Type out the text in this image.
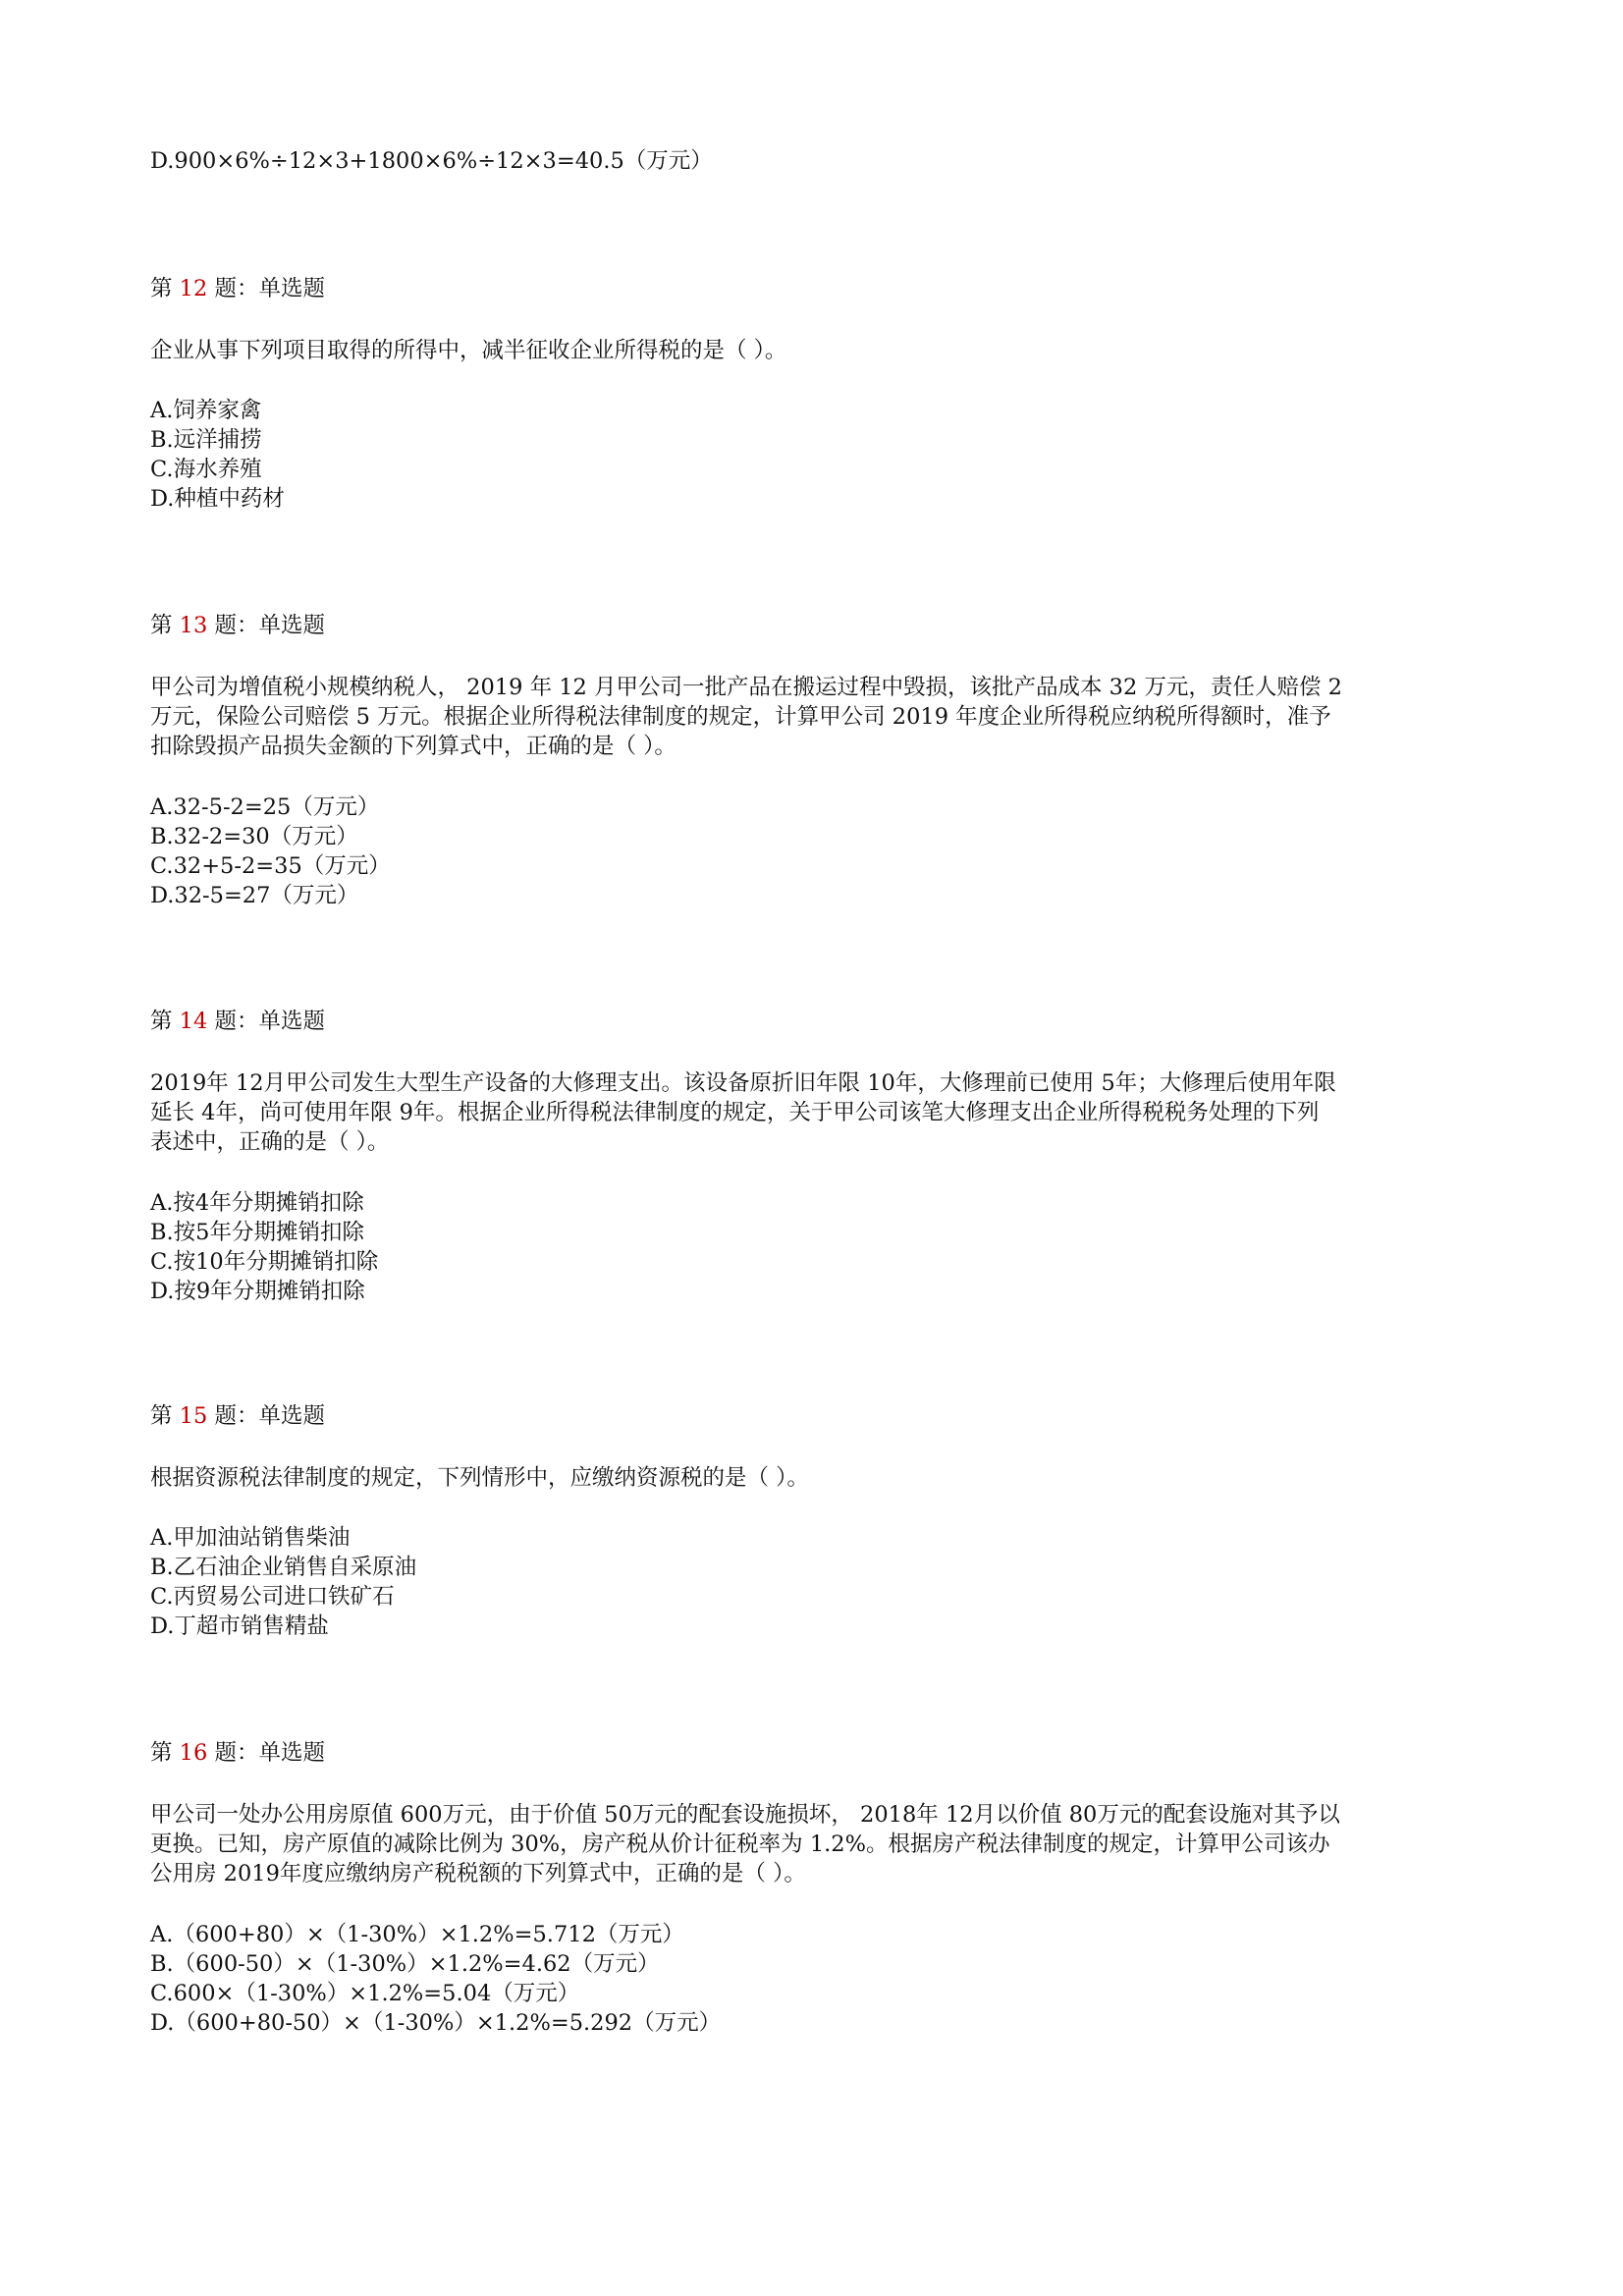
D.900×6%÷12×3+1800×6%÷12×3=40.5（万元）
第 12 题：单选题
企业从事下列项目取得的所得中，减半征收企业所得税的是（ ）。
A.饲养家禽
B.远洋捕捞
C.海水养殖
D.种植中药材
第 13 题：单选题
甲公司为增值税小规模纳税人， 2019 年 12 月甲公司一批产品在搬运过程中毁损，该批产品成本 32 万元，责任人赔偿 2
万元，保险公司赔偿 5 万元。根据企业所得税法律制度的规定，计算甲公司 2019 年度企业所得税应纳税所得额时，准予
扣除毁损产品损失金额的下列算式中，正确的是（ ）。
A.32-5-2=25（万元）
B.32-2=30（万元）
C.32+5-2=35（万元）
D.32-5=27（万元）
第 14 题：单选题
2019年 12月甲公司发生大型生产设备的大修理支出。该设备原折旧年限 10年，大修理前已使用 5年；大修理后使用年限
延长 4年，尚可使用年限 9年。根据企业所得税法律制度的规定，关于甲公司该笔大修理支出企业所得税税务处理的下列
表述中，正确的是（ ）。
A.按4年分期摊销扣除
B.按5年分期摊销扣除
C.按10年分期摊销扣除
D.按9年分期摊销扣除
第 15 题：单选题
根据资源税法律制度的规定，下列情形中，应缴纳资源税的是（ ）。
A.甲加油站销售柴油
B.乙石油企业销售自采原油
C.丙贸易公司进口铁矿石
D.丁超市销售精盐
第 16 题：单选题
甲公司一处办公用房原值 600万元，由于价值 50万元的配套设施损坏， 2018年 12月以价值 80万元的配套设施对其予以
更换。已知，房产原值的减除比例为 30%，房产税从价计征税率为 1.2%。根据房产税法律制度的规定，计算甲公司该办
公用房 2019年度应缴纳房产税税额的下列算式中，正确的是（ ）。
A.（600+80）×（1-30%）×1.2%=5.712（万元）
B.（600-50）×（1-30%）×1.2%=4.62（万元）
C.600×（1-30%）×1.2%=5.04（万元）
D.（600+80-50）×（1-30%）×1.2%=5.292（万元）
